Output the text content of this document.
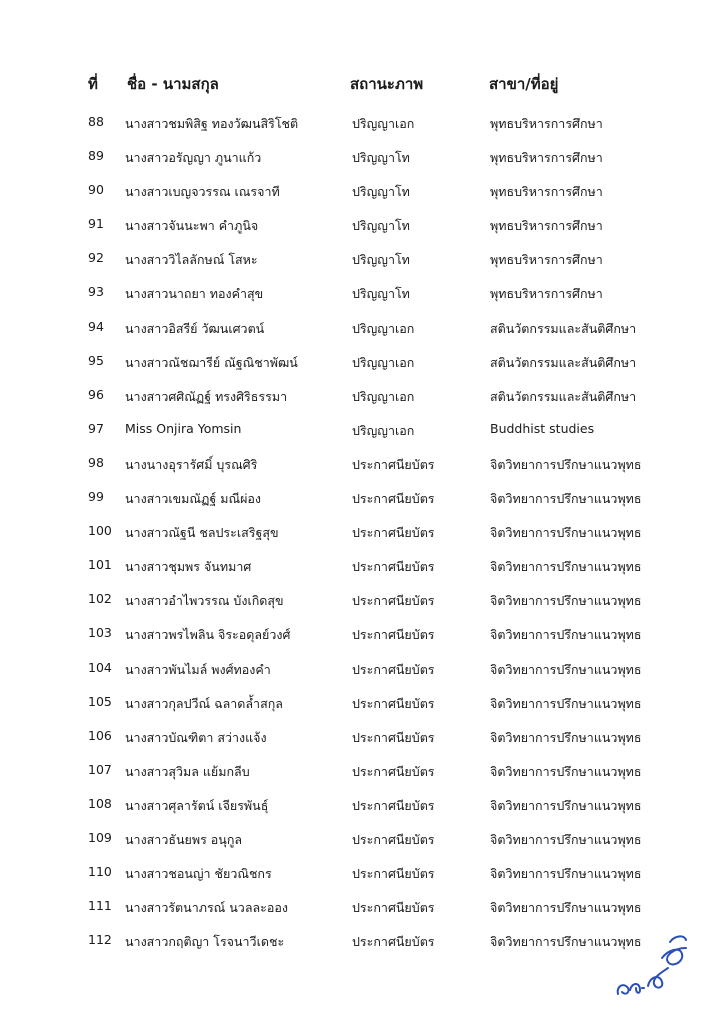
ที่ ชื่อ - นามสกุล	สถานะภาพ	สาขา/ที่อยู่
88	นางสาวชมพิสิฐ ทองวัฒนสิริโชติ	ปริญญาเอก	พุทธบริหารการศึกษา
89	นางสาวอรัญญา ภูนาแก้ว	ปริญญาโท	พุทธบริหารการศึกษา
90	นางสาวเบญจวรรณ เณรจาที	ปริญญาโท	พุทธบริหารการศึกษา
91	นางสาวจันนะพา คำภูนิจ	ปริญญาโท	พุทธบริหารการศึกษา
92	นางสาววิไลลักษณ์ โสหะ	ปริญญาโท	พุทธบริหารการศึกษา
93	นางสาวนาถยา ทองคำสุข	ปริญญาโท	พุทธบริหารการศึกษา
94	นางสาวอิสรีย์ วัฒนเศวตน์	ปริญญาเอก	สตินวัตกรรมและสันติศึกษา
95	นางสาวณัชฌารีย์ ณัฐณิชาพัฒน์	ปริญญาเอก	สตินวัตกรรมและสันติศึกษา
96	นางสาวศศิณัฏฐ์ ทรงศิริธรรมา	ปริญญาเอก	สตินวัตกรรมและสันติศึกษา
97	Miss Onjira Yomsin	ปริญญาเอก	Buddhist studies
98	นางนางอุรารัศมิ์ บุรณศิริ	ประกาศนียบัตร	จิตวิทยาการปรึกษาแนวพุทธ
99	นางสาวเขมณัฏฐ์ มณีผ่อง	ประกาศนียบัตร	จิตวิทยาการปรึกษาแนวพุทธ
100	นางสาวณัฐนี ชลประเสริฐสุข	ประกาศนียบัตร	จิตวิทยาการปรึกษาแนวพุทธ
101	นางสาวชุมพร จันทมาศ	ประกาศนียบัตร	จิตวิทยาการปรึกษาแนวพุทธ
102	นางสาวอำไพวรรณ บังเกิดสุข	ประกาศนียบัตร	จิตวิทยาการปรึกษาแนวพุทธ
103	นางสาวพรไพลิน จิระอดุลย์วงศ์	ประกาศนียบัตร	จิตวิทยาการปรึกษาแนวพุทธ
104	นางสาวพันไมล์ พงศ์ทองคำ	ประกาศนียบัตร	จิตวิทยาการปรึกษาแนวพุทธ
105	นางสาวกุลปวีณ์ ฉลาดล้ำสกุล	ประกาศนียบัตร	จิตวิทยาการปรึกษาแนวพุทธ
106	นางสาวบัณฑิตา สว่างแจ้ง	ประกาศนียบัตร	จิตวิทยาการปรึกษาแนวพุทธ
107	นางสาวสุวิมล แย้มกลีบ	ประกาศนียบัตร	จิตวิทยาการปรึกษาแนวพุทธ
108	นางสาวศุลารัตน์ เจียรพันธุ์	ประกาศนียบัตร	จิตวิทยาการปรึกษาแนวพุทธ
109	นางสาวธันยพร อนุกูล	ประกาศนียบัตร	จิตวิทยาการปรึกษาแนวพุทธ
110	นางสาวชอนญ่า ชัยวณิชกร	ประกาศนียบัตร	จิตวิทยาการปรึกษาแนวพุทธ
111	นางสาวรัตนาภรณ์ นวลละออง	ประกาศนียบัตร	จิตวิทยาการปรึกษาแนวพุทธ
112	นางสาวกฤติญา โรจนาวีเดชะ	ประกาศนียบัตร	จิตวิทยาการปรึกษาแนวพุทธ
